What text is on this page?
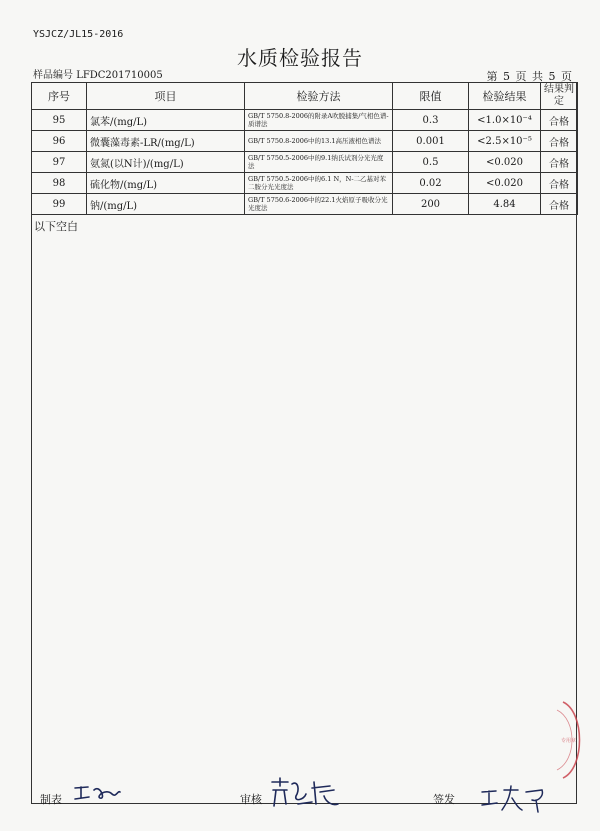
YSJCZ/JL15-2016
水质检验报告
样品编号 LFDC201710005	第 5 页 共 5 页
序号	项目	检验方法	限值	检验结果	结果判定
95	氯苯/(mg/L)	GB/T 5750.8-2006的附录A吹脱捕集/气相色谱-质谱法	0.3	<1.0×10⁻⁴	合格
96	微囊藻毒素-LR/(mg/L)	GB/T 5750.8-2006中的13.1高压液相色谱法	0.001	<2.5×10⁻⁵	合格
97	氨氮(以N计)/(mg/L)	GB/T 5750.5-2006中的9.1纳氏试剂分光光度法	0.5	<0.020	合格
98	硫化物/(mg/L)	GB/T 5750.5-2006中的6.1 N，N-二乙基对苯二胺分光光度法	0.02	<0.020	合格
99	钠/(mg/L)	GB/T 5750.6-2006中的22.1火焰原子吸收分光光度法	200	4.84	合格
以下空白
专用章
制表	审核	签发
